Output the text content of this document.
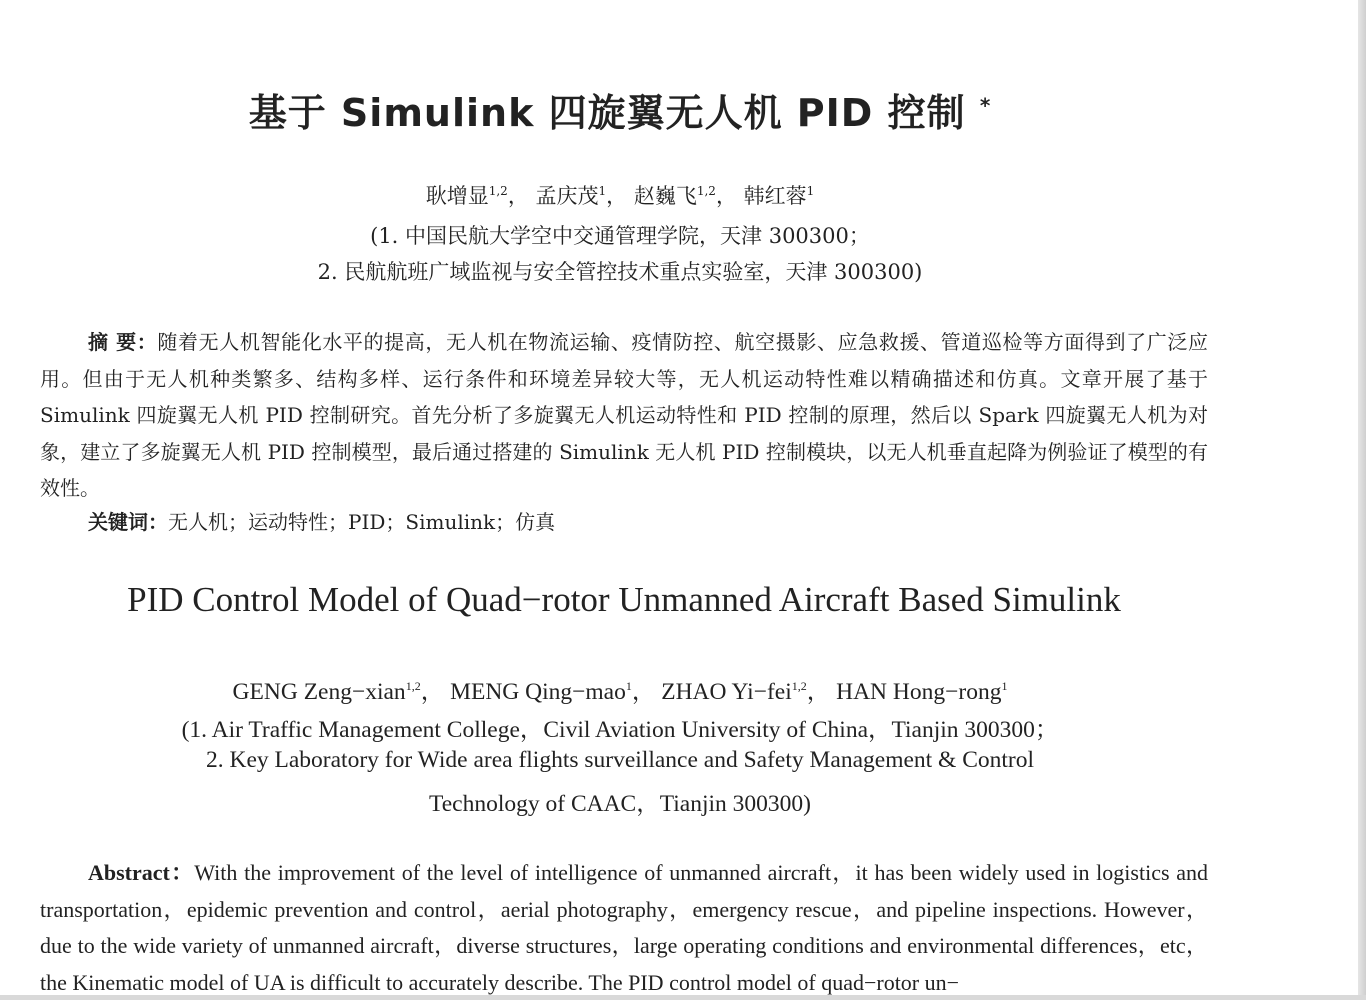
基于 Simulink 四旋翼无人机 PID 控制 *
耿增显$^{1,2}$， 孟庆茂$^1$， 赵巍飞$^{1,2}$， 韩红蓉$^1$
(1. 中国民航大学空中交通管理学院，天津 300300；
2. 民航航班广域监视与安全管控技术重点实验室，天津 300300)
摘 要：随着无人机智能化水平的提高，无人机在物流运输、疫情防控、航空摄影、应急救援、管道巡检等方面得到了广泛应用。但由于无人机种类繁多、结构多样、运行条件和环境差异较大等，无人机运动特性难以精确描述和仿真。文章开展了基于 Simulink 四旋翼无人机 PID 控制研究。首先分析了多旋翼无人机运动特性和 PID 控制的原理，然后以 Spark 四旋翼无人机为对象，建立了多旋翼无人机 PID 控制模型，最后通过搭建的 Simulink 无人机 PID 控制模块，以无人机垂直起降为例验证了模型的有效性。
关键词：无人机；运动特性；PID；Simulink；仿真
PID Control Model of Quad−rotor Unmanned Aircraft Based Simulink
GENG Zeng−xian$^{1,2}$， MENG Qing−mao$^1$， ZHAO Yi−fei$^{1,2}$， HAN Hong−rong$^1$
(1. Air Traffic Management College，Civil Aviation University of China，Tianjin 300300；
2. Key Laboratory for Wide area flights surveillance and Safety Management & Control
Technology of CAAC，Tianjin 300300)
Abstract：With the improvement of the level of intelligence of unmanned aircraft，it has been widely used in logistics and transportation，epidemic prevention and control，aerial photography，emergency rescue，and pipeline inspections. However，due to the wide variety of unmanned aircraft，diverse structures，large operating conditions and environmental differences，etc，the Kinematic model of UA is difficult to accurately describe. The PID control model of quad−rotor un−
